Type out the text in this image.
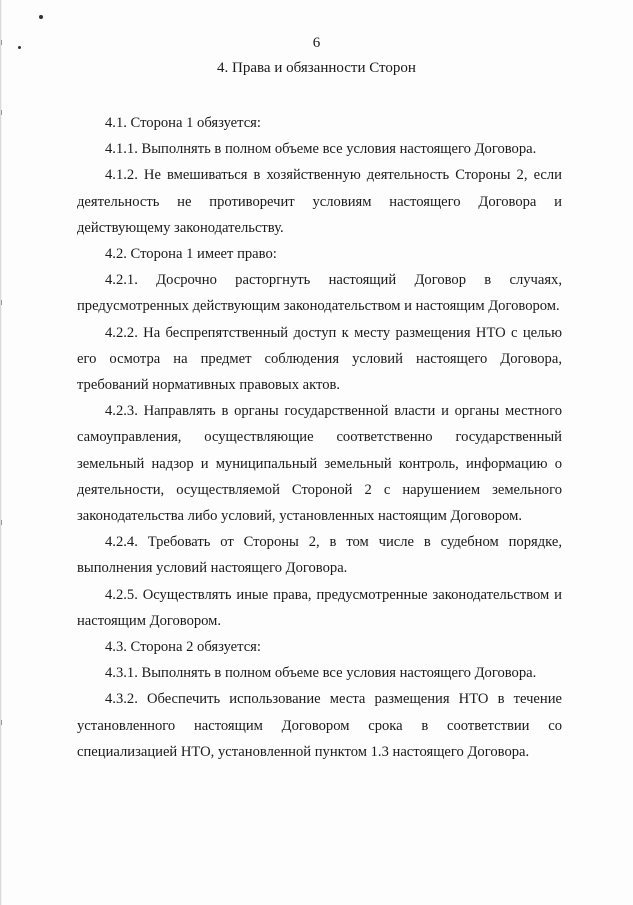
6
4. Права и обязанности Сторон

4.1. Сторона 1 обязуется:

4.1.1. Выполнять в полном объеме все условия настоящего Договора.

4.1.2. Не вмешиваться в хозяйственную деятельность Стороны 2, если деятельность не противоречит условиям настоящего Договора и действующему законодательству.

4.2. Сторона 1 имеет право:

4.2.1. Досрочно расторгнуть настоящий Договор в случаях, предусмотренных действующим законодательством и настоящим Договором.

4.2.2. На беспрепятственный доступ к месту размещения НТО с целью его осмотра на предмет соблюдения условий настоящего Договора, требований нормативных правовых актов.

4.2.3. Направлять в органы государственной власти и органы местного самоуправления, осуществляющие соответственно государственный земельный надзор и муниципальный земельный контроль, информацию о деятельности, осуществляемой Стороной 2 с нарушением земельного законодательства либо условий, установленных настоящим Договором.

4.2.4. Требовать от Стороны 2, в том числе в судебном порядке, выполнения условий настоящего Договора.

4.2.5. Осуществлять иные права, предусмотренные законодательством и настоящим Договором.

4.3. Сторона 2 обязуется:

4.3.1. Выполнять в полном объеме все условия настоящего Договора.

4.3.2. Обеспечить использование места размещения НТО в течение установленного настоящим Договором срока в соответствии со специализацией НТО, установленной пунктом 1.3 настоящего Договора.
